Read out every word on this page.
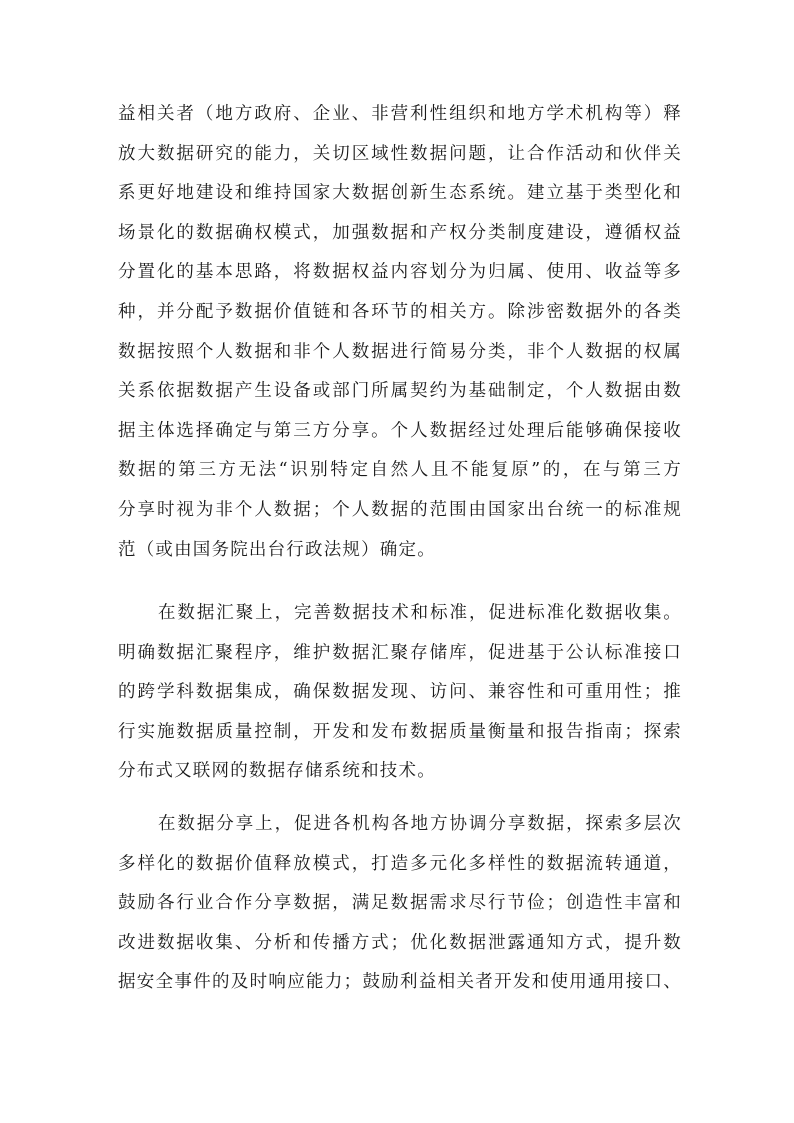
益相关者（地方政府、企业、非营利性组织和地方学术机构等）释
放大数据研究的能力，关切区域性数据问题，让合作活动和伙伴关
系更好地建设和维持国家大数据创新生态系统。建立基于类型化和
场景化的数据确权模式，加强数据和产权分类制度建设，遵循权益
分置化的基本思路，将数据权益内容划分为归属、使用、收益等多
种，并分配予数据价值链和各环节的相关方。除涉密数据外的各类
数据按照个人数据和非个人数据进行简易分类，非个人数据的权属
关系依据数据产生设备或部门所属契约为基础制定，个人数据由数
据主体选择确定与第三方分享。个人数据经过处理后能够确保接收
数据的第三方无法“识别特定自然人且不能复原”的，在与第三方
分享时视为非个人数据；个人数据的范围由国家出台统一的标准规
范（或由国务院出台行政法规）确定。
在数据汇聚上，完善数据技术和标准，促进标准化数据收集。
明确数据汇聚程序，维护数据汇聚存储库，促进基于公认标准接口
的跨学科数据集成，确保数据发现、访问、兼容性和可重用性；推
行实施数据质量控制，开发和发布数据质量衡量和报告指南；探索
分布式又联网的数据存储系统和技术。
在数据分享上，促进各机构各地方协调分享数据，探索多层次
多样化的数据价值释放模式，打造多元化多样性的数据流转通道，
鼓励各行业合作分享数据，满足数据需求尽行节俭；创造性丰富和
改进数据收集、分析和传播方式；优化数据泄露通知方式，提升数
据安全事件的及时响应能力；鼓励利益相关者开发和使用通用接口、
